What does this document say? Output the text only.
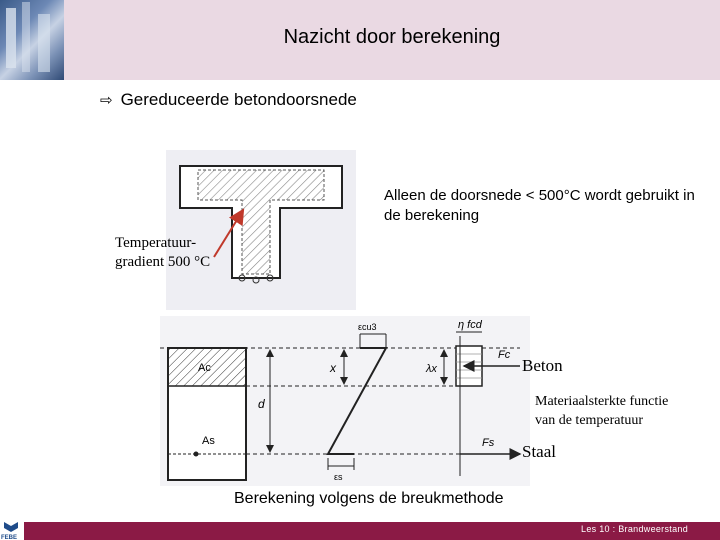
Nazicht door berekening
⇨ Gereduceerde betondoorsnede
Alleen de doorsnede < 500°C wordt gebruikt in de berekening
Temperatuur-
gradient 500 °C
Ac
As
d
x
εcu3
εs
η fcd
λx
Fc
Fs
Beton
Materiaalsterkte functie
van de temperatuur
Staal
Berekening volgens de breukmethode
Les 10 : Brandweerstand
FEBE
